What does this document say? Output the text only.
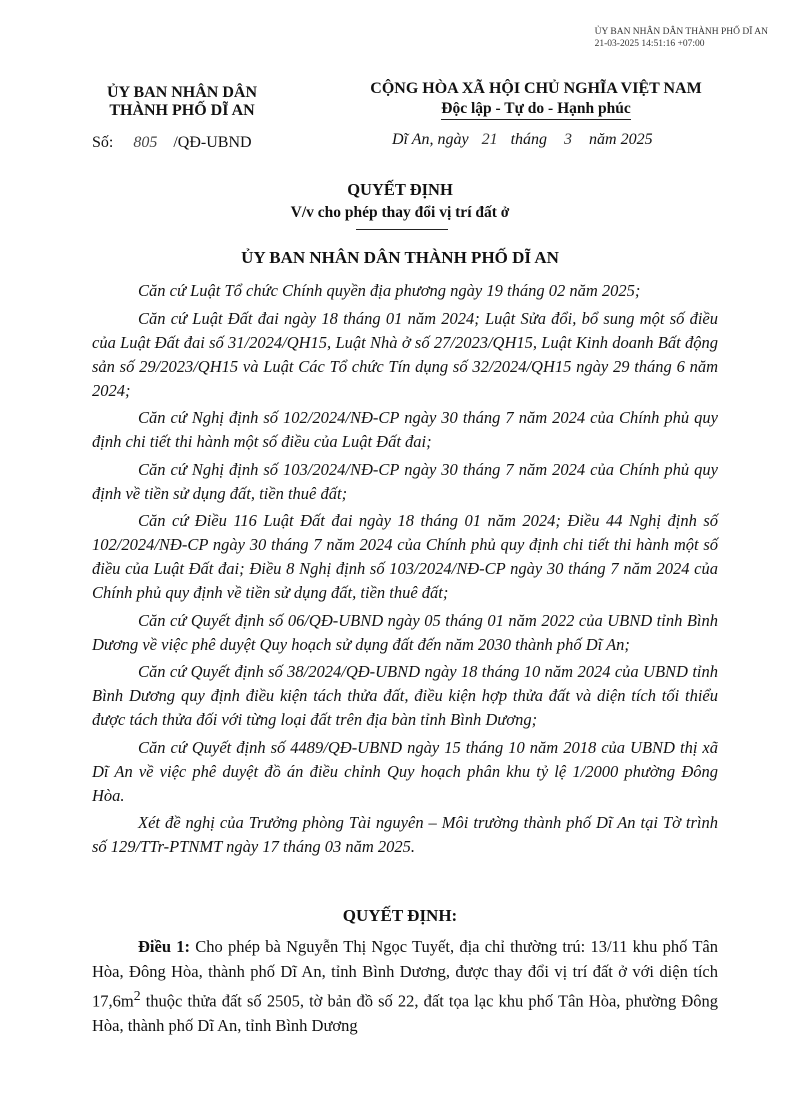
ỦY BAN NHÂN DÂN THÀNH PHỐ DĨ AN
21-03-2025 14:51:16 +07:00
ỦY BAN NHÂN DÂN
THÀNH PHỐ DĨ AN
CỘNG HÒA XÃ HỘI CHỦ NGHĨA VIỆT NAM
Độc lập - Tự do - Hạnh phúc
Số: 805 /QĐ-UBND	Dĩ An, ngày 21 tháng 3 năm 2025
QUYẾT ĐỊNH
V/v cho phép thay đổi vị trí đất ở
ỦY BAN NHÂN DÂN THÀNH PHỐ DĨ AN

Căn cứ Luật Tổ chức Chính quyền địa phương ngày 19 tháng 02 năm 2025;

Căn cứ Luật Đất đai ngày 18 tháng 01 năm 2024; Luật Sửa đổi, bổ sung một số điều của Luật Đất đai số 31/2024/QH15, Luật Nhà ở số 27/2023/QH15, Luật Kinh doanh Bất động sản số 29/2023/QH15 và Luật Các Tổ chức Tín dụng số 32/2024/QH15 ngày 29 tháng 6 năm 2024;

Căn cứ Nghị định số 102/2024/NĐ-CP ngày 30 tháng 7 năm 2024 của Chính phủ quy định chi tiết thi hành một số điều của Luật Đất đai;

Căn cứ Nghị định số 103/2024/NĐ-CP ngày 30 tháng 7 năm 2024 của Chính phủ quy định về tiền sử dụng đất, tiền thuê đất;

Căn cứ Điều 116 Luật Đất đai ngày 18 tháng 01 năm 2024; Điều 44 Nghị định số 102/2024/NĐ-CP ngày 30 tháng 7 năm 2024 của Chính phủ quy định chi tiết thi hành một số điều của Luật Đất đai; Điều 8 Nghị định số 103/2024/NĐ-CP ngày 30 tháng 7 năm 2024 của Chính phủ quy định về tiền sử dụng đất, tiền thuê đất;

Căn cứ Quyết định số 06/QĐ-UBND ngày 05 tháng 01 năm 2022 của UBND tỉnh Bình Dương về việc phê duyệt Quy hoạch sử dụng đất đến năm 2030 thành phố Dĩ An;

Căn cứ Quyết định số 38/2024/QĐ-UBND ngày 18 tháng 10 năm 2024 của UBND tỉnh Bình Dương quy định điều kiện tách thửa đất, điều kiện hợp thửa đất và diện tích tối thiểu được tách thửa đối với từng loại đất trên địa bàn tỉnh Bình Dương;

Căn cứ Quyết định số 4489/QĐ-UBND ngày 15 tháng 10 năm 2018 của UBND thị xã Dĩ An về việc phê duyệt đồ án điều chỉnh Quy hoạch phân khu tỷ lệ 1/2000 phường Đông Hòa.

Xét đề nghị của Trưởng phòng Tài nguyên – Môi trường thành phố Dĩ An tại Tờ trình số 129/TTr-PTNMT ngày 17 tháng 03 năm 2025.

QUYẾT ĐỊNH:

Điều 1: Cho phép bà Nguyễn Thị Ngọc Tuyết, địa chỉ thường trú: 13/11 khu phố Tân Hòa, Đông Hòa, thành phố Dĩ An, tỉnh Bình Dương, được thay đổi vị trí đất ở với diện tích $17,6m^2$ thuộc thửa đất số 2505, tờ bản đồ số 22, đất tọa lạc khu phố Tân Hòa, phường Đông Hòa, thành phố Dĩ An, tỉnh Bình Dương
